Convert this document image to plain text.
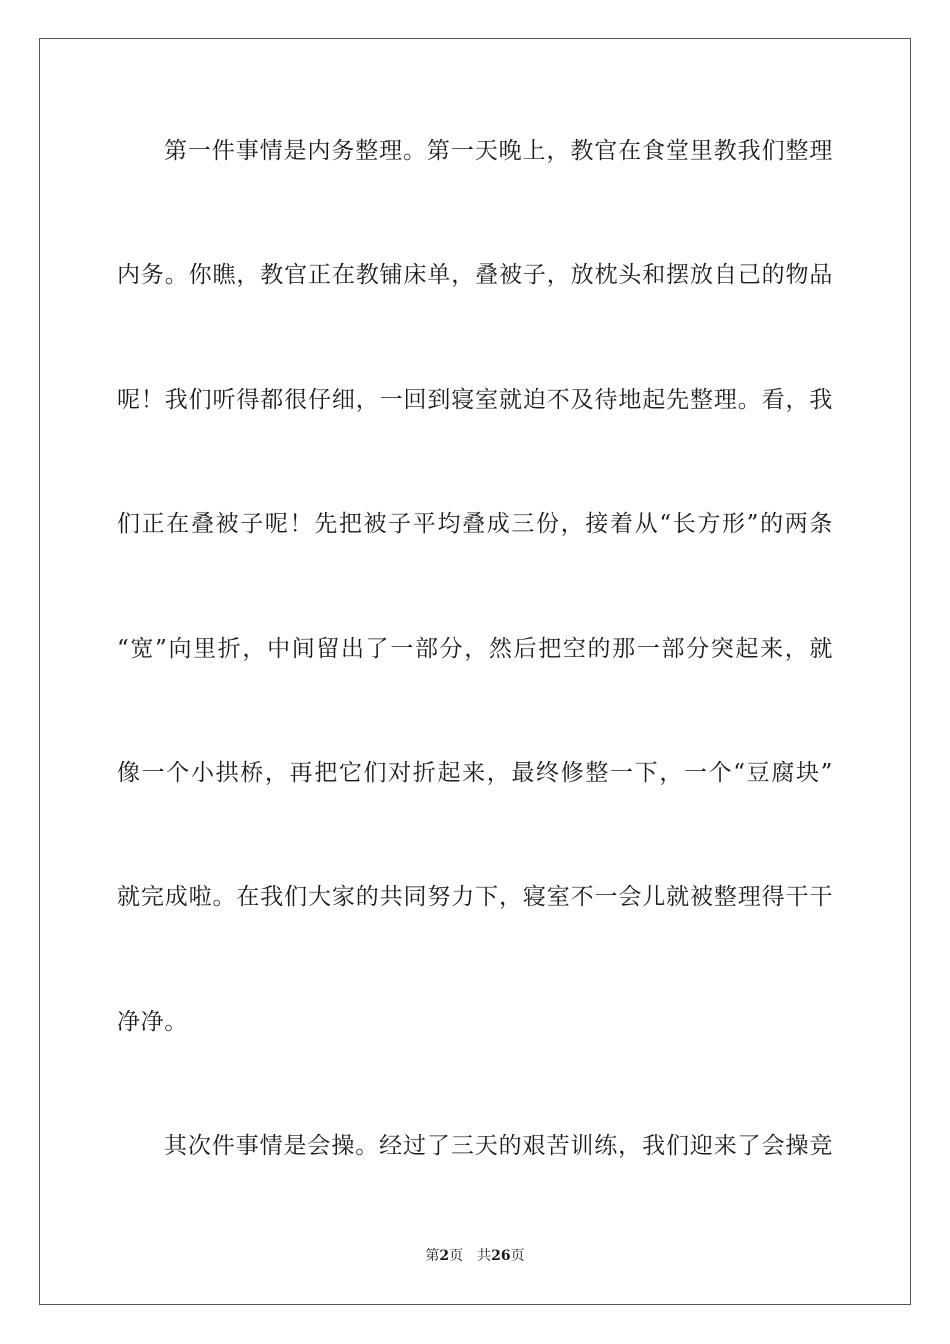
第一件事情是内务整理。第一天晚上，教官在食堂里教我们整理
内务。你瞧，教官正在教铺床单，叠被子，放枕头和摆放自己的物品
呢！我们听得都很仔细，一回到寝室就迫不及待地起先整理。看，我
们正在叠被子呢！先把被子平均叠成三份，接着从“长方形”的两条
“宽”向里折，中间留出了一部分，然后把空的那一部分突起来，就
像一个小拱桥，再把它们对折起来，最终修整一下，一个“豆腐块”
就完成啦。在我们大家的共同努力下，寝室不一会儿就被整理得干干
净净。
其次件事情是会操。经过了三天的艰苦训练，我们迎来了会操竞
第2页 共26页
